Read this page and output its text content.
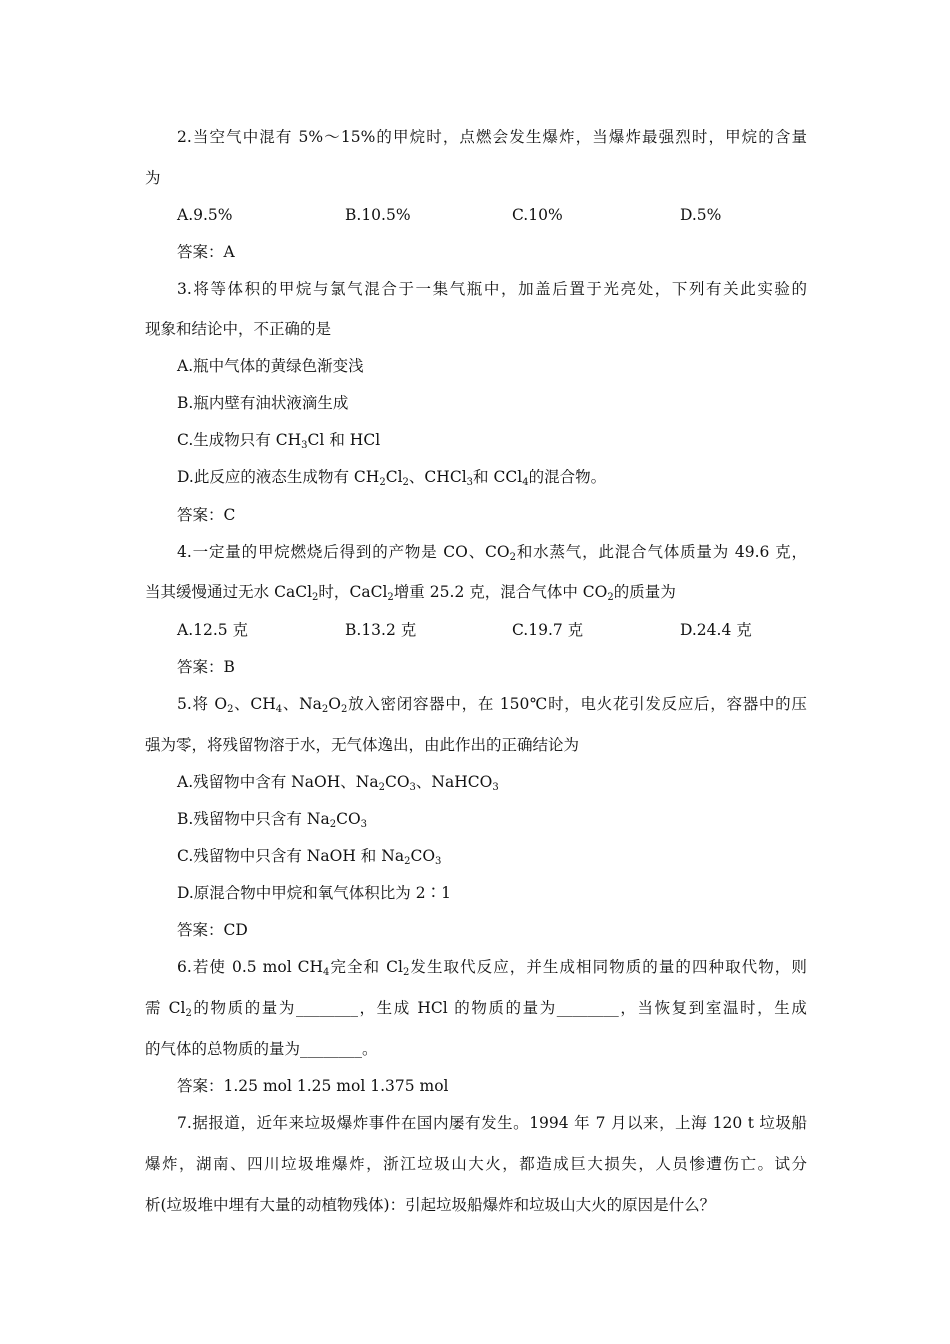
2.当空气中混有 5%～15%的甲烷时，点燃会发生爆炸，当爆炸最强烈时，甲烷的含量
为
A.9.5%	B.10.5%	C.10%	D.5%
答案：A
3.将等体积的甲烷与氯气混合于一集气瓶中，加盖后置于光亮处，下列有关此实验的
现象和结论中，不正确的是
A.瓶中气体的黄绿色渐变浅
B.瓶内壁有油状液滴生成
C.生成物只有 $CH_3Cl$ 和 HCl
D.此反应的液态生成物有 $CH_2Cl_2$、CHCl$_3$和 CCl$_4$的混合物。
答案：C
4.一定量的甲烷燃烧后得到的产物是 CO、$CO_2$和水蒸气，此混合气体质量为 49.6 克，
当其缓慢通过无水 CaCl$_2$时，CaCl$_2$增重 25.2 克，混合气体中 $CO_2$的质量为
A.12.5 克	B.13.2 克	C.19.7 克	D.24.4 克
答案：B
5.将 $O_2$、$CH_4$、$Na_2O_2$放入密闭容器中，在 150℃时，电火花引发反应后，容器中的压
强为零，将残留物溶于水，无气体逸出，由此作出的正确结论为
A.残留物中含有 NaOH、$Na_2CO_3$、NaHCO$_3$
B.残留物中只含有 $Na_2CO_3$
C.残留物中只含有 NaOH 和 $Na_2CO_3$
D.原混合物中甲烷和氧气体积比为 2∶1
答案：CD
6.若使 0.5 mol $CH_4$完全和 $Cl_2$发生取代反应，并生成相同物质的量的四种取代物，则
需 $Cl_2$的物质的量为________，生成 HCl 的物质的量为________，当恢复到室温时，生成
的气体的总物质的量为________。
答案：1.25 mol 1.25 mol 1.375 mol
7.据报道，近年来垃圾爆炸事件在国内屡有发生。1994 年 7 月以来，上海 120 t 垃圾船
爆炸，湖南、四川垃圾堆爆炸，浙江垃圾山大火，都造成巨大损失，人员惨遭伤亡。试分
析(垃圾堆中埋有大量的动植物残体)：引起垃圾船爆炸和垃圾山大火的原因是什么？
